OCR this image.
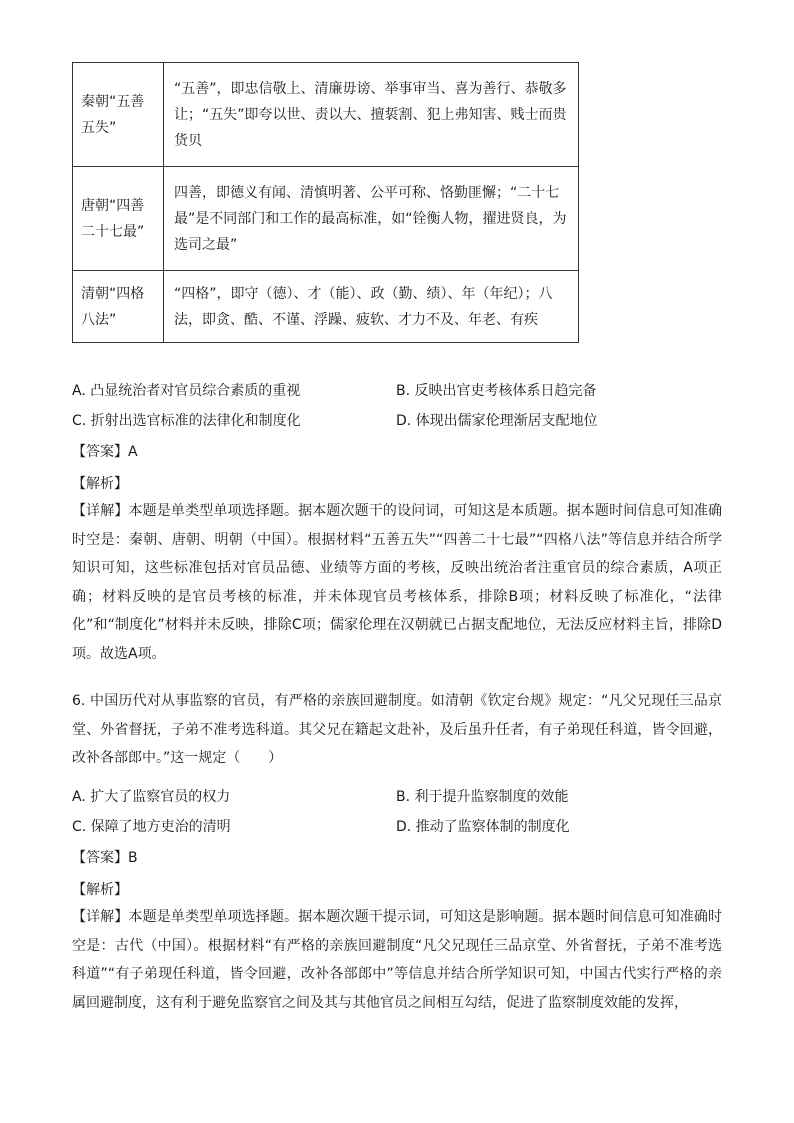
秦朝“五善五失”	“五善”，即忠信敬上、清廉毋谤、举事审当、喜为善行、恭敬多让；“五失”即夸以世、责以大、擅裚割、犯上弗知害、贱士而贵货贝
唐朝“四善二十七最”	四善，即德义有闻、清慎明著、公平可称、恪勤匪懈；“二十七最”是不同部门和工作的最高标准，如“铨衡人物，擢进贤良，为选司之最”
清朝“四格八法”	“四格”，即守（德）、才（能）、政（勤、绩）、年（年纪）；八法，即贪、酷、不谨、浮躁、疲软、才力不及、年老、有疾
A. 凸显统治者对官员综合素质的重视	B. 反映出官吏考核体系日趋完备
C. 折射出选官标准的法律化和制度化	D. 体现出儒家伦理渐居支配地位
【答案】A
【解析】
【详解】本题是单类型单项选择题。据本题次题干的设问词，可知这是本质题。据本题时间信息可知准确时空是：秦朝、唐朝、明朝（中国）。根据材料“五善五失”“四善二十七最”“四格八法”等信息并结合所学知识可知，这些标准包括对官员品德、业绩等方面的考核，反映出统治者注重官员的综合素质，A项正确；材料反映的是官员考核的标准，并未体现官员考核体系，排除B项；材料反映了标准化，“法律化”和“制度化”材料并未反映，排除C项；儒家伦理在汉朝就已占据支配地位，无法反应材料主旨，排除D项。故选A项。
6. 中国历代对从事监察的官员，有严格的亲族回避制度。如清朝《钦定台规》规定：“凡父兄现任三品京堂、外省督抚，子弟不准考选科道。其父兄在籍起文赴补，及后虽升任者，有子弟现任科道，皆令回避，改补各部郎中。”这一规定（　　）
A. 扩大了监察官员的权力	B. 利于提升监察制度的效能
C. 保障了地方吏治的清明	D. 推动了监察体制的制度化
【答案】B
【解析】
【详解】本题是单类型单项选择题。据本题次题干提示词，可知这是影响题。据本题时间信息可知准确时空是：古代（中国）。根据材料“有严格的亲族回避制度“凡父兄现任三品京堂、外省督抚，子弟不准考选科道”“有子弟现任科道，皆令回避，改补各部郎中”等信息并结合所学知识可知，中国古代实行严格的亲属回避制度，这有利于避免监察官之间及其与其他官员之间相互勾结，促进了监察制度效能的发挥，
